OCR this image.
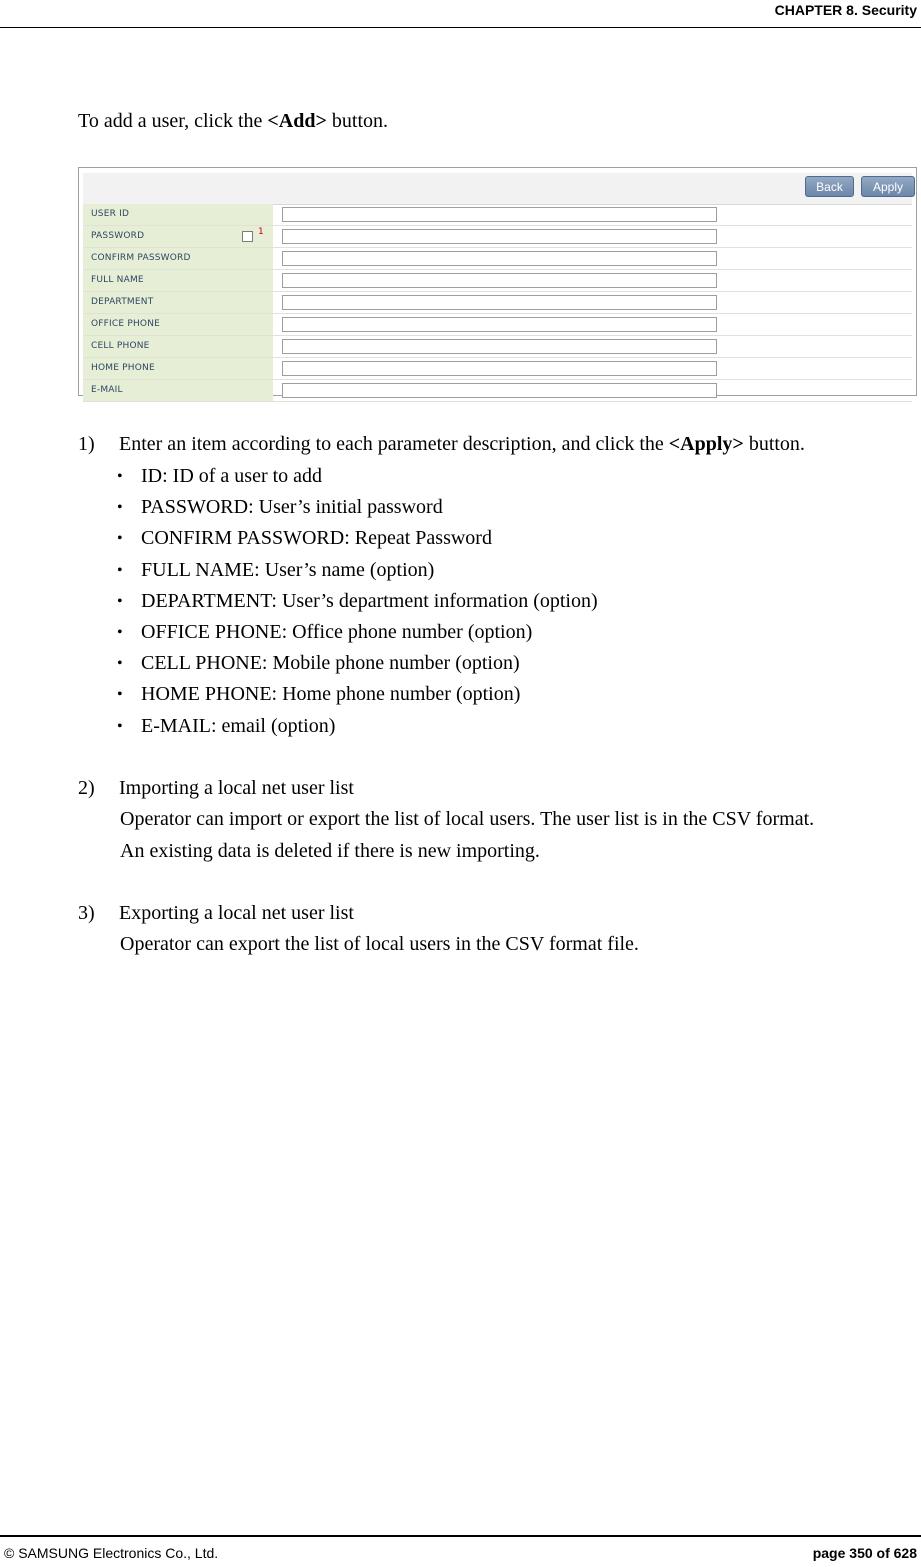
CHAPTER 8. Security
To add a user, click the <Add> button.
Back	Apply
USER ID
PASSWORD	1
CONFIRM PASSWORD
FULL NAME
DEPARTMENT
OFFICE PHONE
CELL PHONE
HOME PHONE
E-MAIL
1) Enter an item according to each parameter description, and click the <Apply> button.
• ID: ID of a user to add
• PASSWORD: User’s initial password
• CONFIRM PASSWORD: Repeat Password
• FULL NAME: User’s name (option)
• DEPARTMENT: User’s department information (option)
• OFFICE PHONE: Office phone number (option)
• CELL PHONE: Mobile phone number (option)
• HOME PHONE: Home phone number (option)
• E-MAIL: email (option)
2) Importing a local net user list
Operator can import or export the list of local users. The user list is in the CSV format.
An existing data is deleted if there is new importing.
3) Exporting a local net user list
Operator can export the list of local users in the CSV format file.
© SAMSUNG Electronics Co., Ltd.	page 350 of 628
